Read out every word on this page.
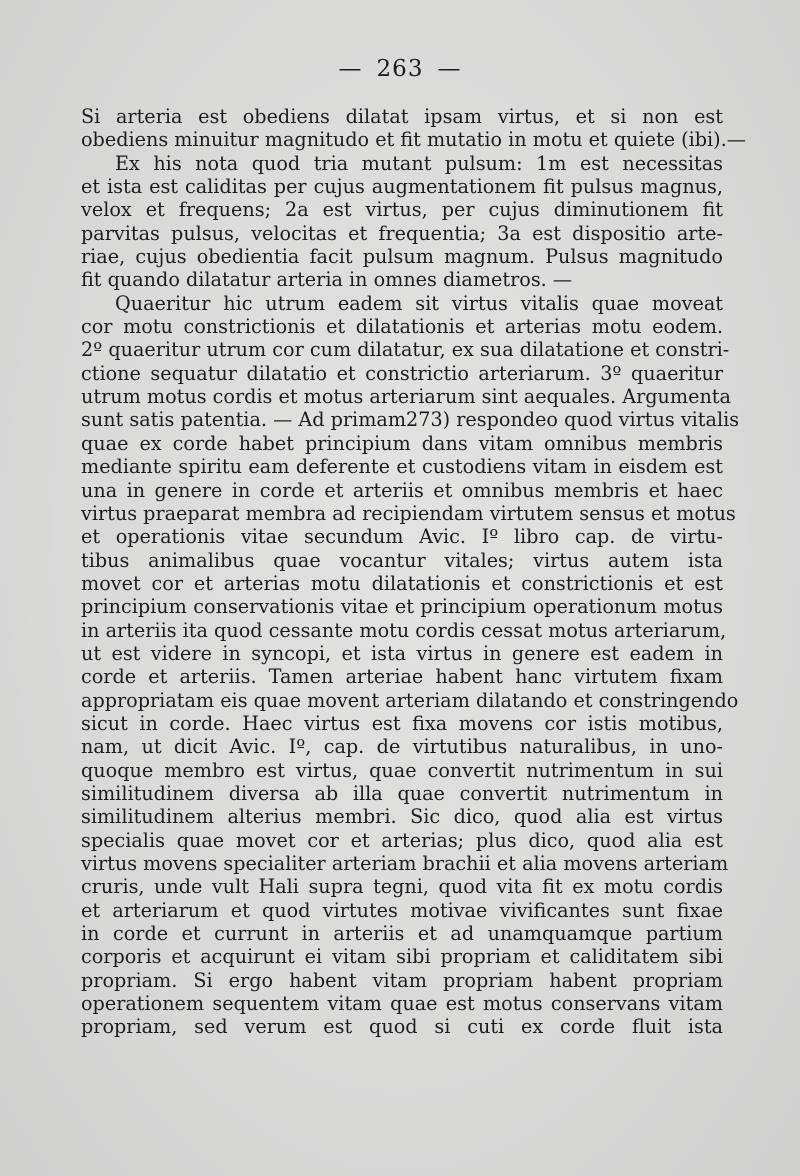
— 263 —
Si arteria est obediens dilatat ipsam virtus, et si non est
obediens minuitur magnitudo et fit mutatio in motu et quiete (ibi).—
Ex his nota quod tria mutant pulsum: 1m est necessitas
et ista est caliditas per cujus augmentationem fit pulsus magnus,
velox et frequens; 2a est virtus, per cujus diminutionem fit
parvitas pulsus, velocitas et frequentia; 3a est dispositio arte-
riae, cujus obedientia facit pulsum magnum. Pulsus magnitudo
fit quando dilatatur arteria in omnes diametros. —
Quaeritur hic utrum eadem sit virtus vitalis quae moveat
cor motu constrictionis et dilatationis et arterias motu eodem.
2º quaeritur utrum cor cum dilatatur, ex sua dilatatione et constri-
ctione sequatur dilatatio et constrictio arteriarum. 3º quaeritur
utrum motus cordis et motus arteriarum sint aequales. Argumenta
sunt satis patentia. — Ad primam273) respondeo quod virtus vitalis
quae ex corde habet principium dans vitam omnibus membris
mediante spiritu eam deferente et custodiens vitam in eisdem est
una in genere in corde et arteriis et omnibus membris et haec
virtus praeparat membra ad recipiendam virtutem sensus et motus
et operationis vitae secundum Avic. Iº libro cap. de virtu-
tibus animalibus quae vocantur vitales; virtus autem ista
movet cor et arterias motu dilatationis et constrictionis et est
principium conservationis vitae et principium operationum motus
in arteriis ita quod cessante motu cordis cessat motus arteriarum,
ut est videre in syncopi, et ista virtus in genere est eadem in
corde et arteriis. Tamen arteriae habent hanc virtutem fixam
appropriatam eis quae movent arteriam dilatando et constringendo
sicut in corde. Haec virtus est fixa movens cor istis motibus,
nam, ut dicit Avic. Iº, cap. de virtutibus naturalibus, in uno-
quoque membro est virtus, quae convertit nutrimentum in sui
similitudinem diversa ab illa quae convertit nutrimentum in
similitudinem alterius membri. Sic dico, quod alia est virtus
specialis quae movet cor et arterias; plus dico, quod alia est
virtus movens specialiter arteriam brachii et alia movens arteriam
cruris, unde vult Hali supra tegni, quod vita fit ex motu cordis
et arteriarum et quod virtutes motivae vivificantes sunt fixae
in corde et currunt in arteriis et ad unamquamque partium
corporis et acquirunt ei vitam sibi propriam et caliditatem sibi
propriam. Si ergo habent vitam propriam habent propriam
operationem sequentem vitam quae est motus conservans vitam
propriam, sed verum est quod si cuti ex corde fluit ista
